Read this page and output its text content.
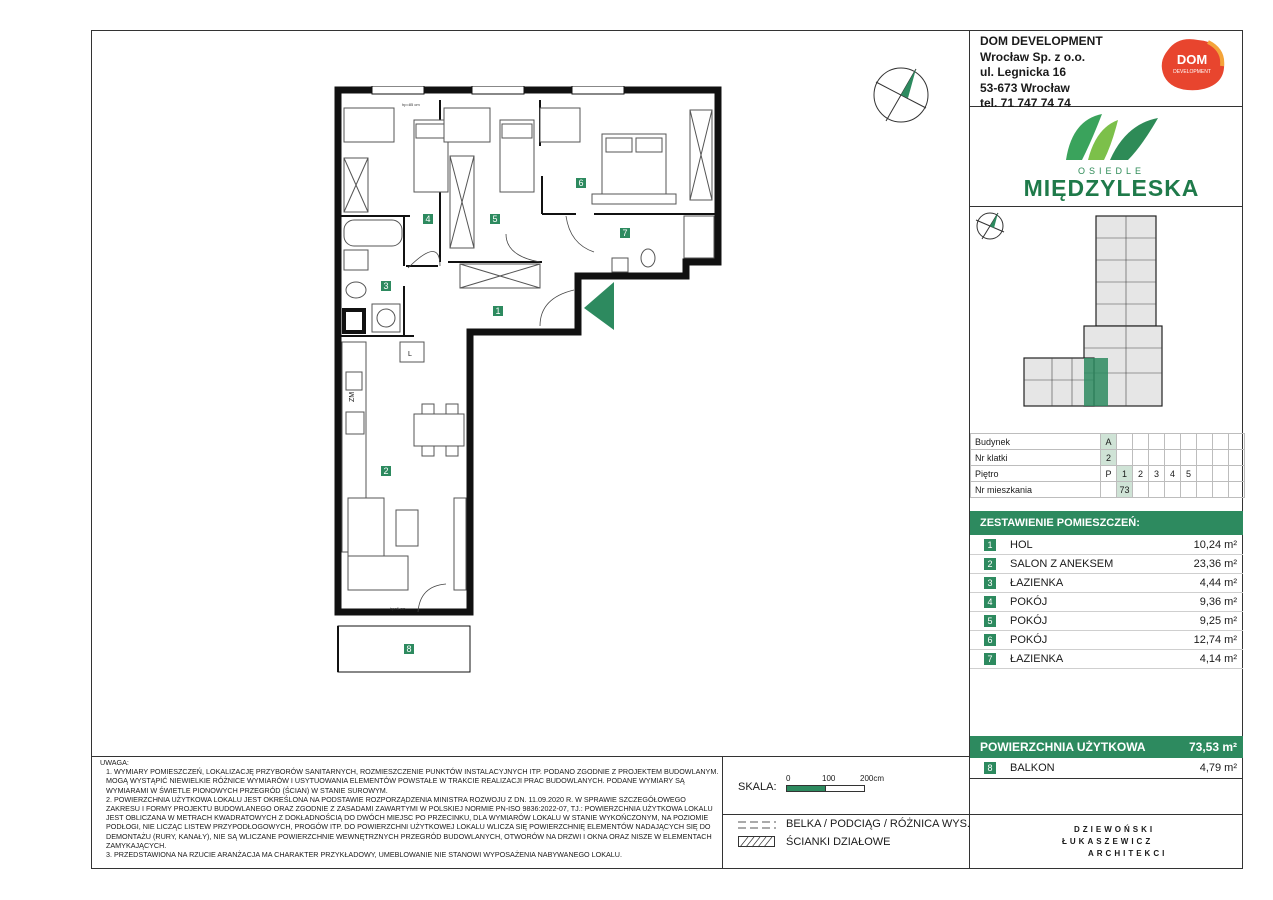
DOM DEVELOPMENT
Wrocław Sp. z o.o.
ul. Legnicka 16
53-673 Wrocław
tel. 71 747 74 74
DOM
DEVELOPMENT
OSIEDLE
MIĘDZYLESKA
Budynek	A								
Nr klatki	2								
Piętro	P	1	2	3	4	5			
Nr mieszkania		73							
ZESTAWIENIE POMIESZCZEŃ:
1	HOL	10,24 m²
2	SALON Z ANEKSEM	23,36 m²
3	ŁAZIENKA	4,44 m²
4	POKÓJ	9,36 m²
5	POKÓJ	9,25 m²
6	POKÓJ	12,74 m²
7	ŁAZIENKA	4,14 m²
POWIERZCHNIA UŻYTKOWA	73,53 m²
8	BALKON	4,79 m²

UWAGA:

1. WYMIARY POMIESZCZEŃ, LOKALIZACJĘ PRZYBORÓW SANITARNYCH, ROZMIESZCZENIE PUNKTÓW INSTALACYJNYCH ITP. PODANO ZGODNIE Z PROJEKTEM BUDOWLANYM. MOGĄ WYSTĄPIĆ NIEWIELKIE RÓŻNICE WYMIARÓW I USYTUOWANIA ELEMENTÓW POWSTAŁE W TRAKCIE REALIZACJI PRAC BUDOWLANYCH. PODANE WYMIARY SĄ WYMIARAMI W ŚWIETLE PIONOWYCH PRZEGRÓD (ŚCIAN) W STANIE SUROWYM.

2. POWIERZCHNIA UŻYTKOWA LOKALU JEST OKREŚLONA NA PODSTAWIE ROZPORZĄDZENIA MINISTRA ROZWOJU Z DN. 11.09.2020 R. W SPRAWIE SZCZEGÓŁOWEGO ZAKRESU I FORMY PROJEKTU BUDOWLANEGO ORAZ ZGODNIE Z ZASADAMI ZAWARTYMI W POLSKIEJ NORMIE PN-ISO 9836:2022-07, TJ.: POWIERZCHNIA UŻYTKOWA LOKALU JEST OBLICZANA W METRACH KWADRATOWYCH Z DOKŁADNOŚCIĄ DO DWÓCH MIEJSC PO PRZECINKU, DLA WYMIARÓW LOKALU W STANIE WYKOŃCZONYM, NA POZIOMIE PODŁOGI, NIE LICZĄC LISTEW PRZYPODŁOGOWYCH, PROGÓW ITP. DO POWIERZCHNI UŻYTKOWEJ LOKALU WLICZA SIĘ POWIERZCHNIĘ ELEMENTÓW NADAJĄCYCH SIĘ DO DEMONTAŻU (RURY, KANAŁY), NIE SĄ WLICZANE POWIERZCHNIE WEWNĘTRZNYCH PRZEGRÓD BUDOWLANYCH, OTWORÓW NA DRZWI I OKNA ORAZ NISZE W ELEMENTACH ZAMYKAJĄCYCH.

3. PRZEDSTAWIONA NA RZUCIE ARANŻACJA MA CHARAKTER PRZYKŁADOWY, UMEBLOWANIE NIE STANOWI WYPOSAŻENIA NABYWANEGO LOKALU.

SKALA:
0	100	200cm
BELKA / PODCIĄG / RÓŻNICA WYS.
ŚCIANKI DZIAŁOWE
DZIEWOŃSKI
ŁUKASZEWICZ
ARCHITEKCI
1
2
3
4	5
6
7
8
ZM
L
hp=85 cm
hp=6 cm
